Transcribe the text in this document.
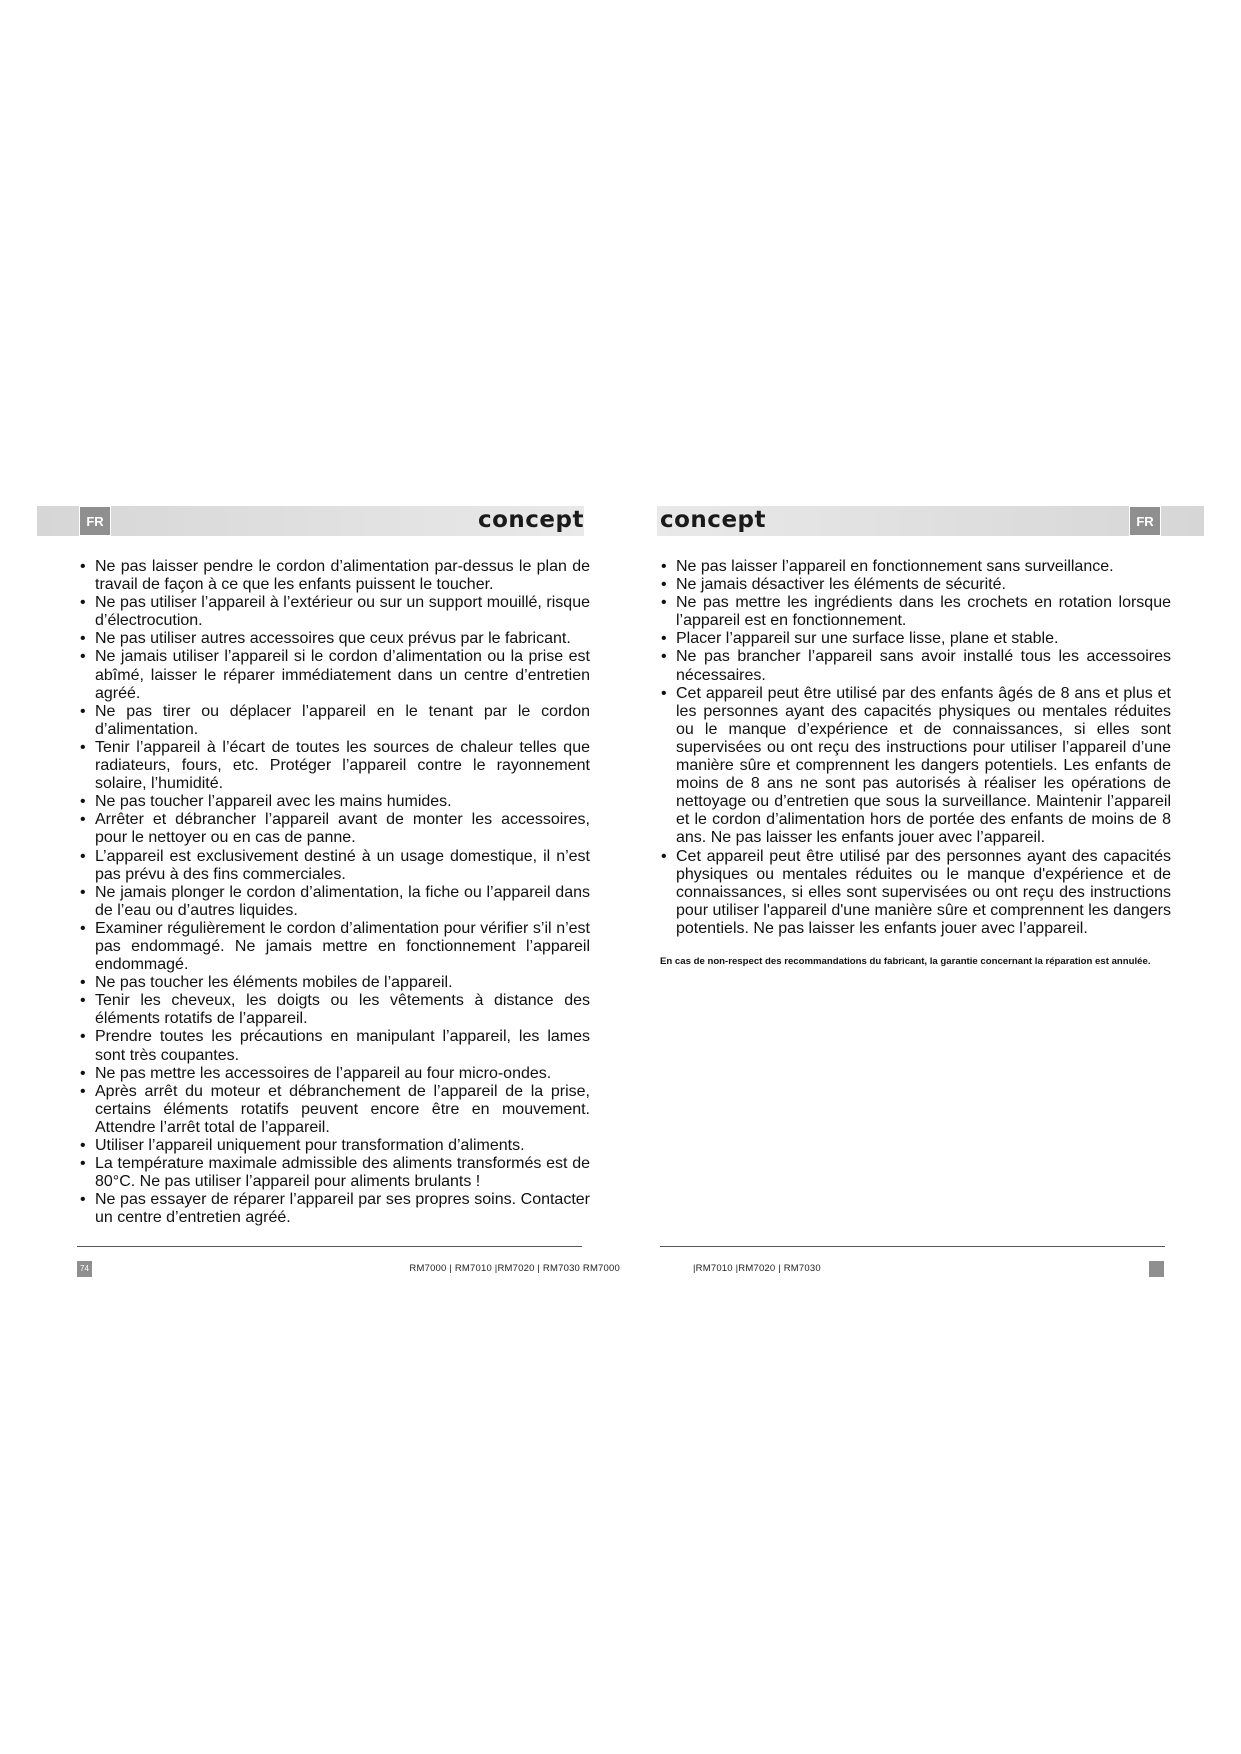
FR	concept
• Ne pas laisser pendre le cordon d’alimentation par-dessus le plan de travail de façon à ce que les enfants puissent le toucher.
• Ne pas utiliser l’appareil à l’extérieur ou sur un support mouillé, risque d’électrocution.
• Ne pas utiliser autres accessoires que ceux prévus par le fabricant.
• Ne jamais utiliser l’appareil si le cordon d’alimentation ou la prise est abîmé, laisser le réparer immédiatement dans un centre d’entretien agréé.
• Ne pas tirer ou déplacer l’appareil en le tenant par le cordon d’alimentation.
• Tenir l’appareil à l’écart de toutes les sources de chaleur telles que radiateurs, fours, etc. Protéger l’appareil contre le rayonnement solaire, l’humidité.
• Ne pas toucher l’appareil avec les mains humides.
• Arrêter et débrancher l’appareil avant de monter les accessoires, pour le nettoyer ou en cas de panne.
• L’appareil est exclusivement destiné à un usage domestique, il n’est pas prévu à des fins commerciales.
• Ne jamais plonger le cordon d’alimentation, la fiche ou l’appareil dans de l’eau ou d’autres liquides.
• Examiner régulièrement le cordon d’alimentation pour vérifier s’il n’est pas endommagé. Ne jamais mettre en fonctionnement l’appareil endommagé.
• Ne pas toucher les éléments mobiles de l’appareil.
• Tenir les cheveux, les doigts ou les vêtements à distance des éléments rotatifs de l’appareil.
• Prendre toutes les précautions en manipulant l’appareil, les lames sont très coupantes.
• Ne pas mettre les accessoires de l’appareil au four micro-ondes.
• Après arrêt du moteur et débranchement de l’appareil de la prise, certains éléments rotatifs peuvent encore être en mouvement. Attendre l’arrêt total de l’appareil.
• Utiliser l’appareil uniquement pour transformation d’aliments.
• La température maximale admissible des aliments transformés est de 80°C. Ne pas utiliser l’appareil pour aliments brulants !
• Ne pas essayer de réparer l’appareil par ses propres soins. Contacter un centre d’entretien agréé.
74	RM7000 | RM7010 |RM7020 | RM7030 RM7000
concept	FR
• Ne pas laisser l’appareil en fonctionnement sans surveillance.
• Ne jamais désactiver les éléments de sécurité.
• Ne pas mettre les ingrédients dans les crochets en rotation lorsque l’appareil est en fonctionnement.
• Placer l’appareil sur une surface lisse, plane et stable.
• Ne pas brancher l’appareil sans avoir installé tous les accessoires nécessaires.
• Cet appareil peut être utilisé par des enfants âgés de 8 ans et plus et les personnes ayant des capacités physiques ou mentales réduites ou le manque d’expérience et de connaissances, si elles sont supervisées ou ont reçu des instructions pour utiliser l’appareil d’une manière sûre et comprennent les dangers potentiels. Les enfants de moins de 8 ans ne sont pas autorisés à réaliser les opérations de nettoyage ou d’entretien que sous la surveillance. Maintenir l’appareil et le cordon d’alimentation hors de portée des enfants de moins de 8 ans. Ne pas laisser les enfants jouer avec l’appareil.
• Cet appareil peut être utilisé par des personnes ayant des capacités physiques ou mentales réduites ou le manque d'expérience et de connaissances, si elles sont supervisées ou ont reçu des instructions pour utiliser l'appareil d'une manière sûre et comprennent les dangers potentiels. Ne pas laisser les enfants jouer avec l’appareil.
En cas de non-respect des recommandations du fabricant, la garantie concernant la réparation est annulée.
|RM7010 |RM7020 | RM7030
